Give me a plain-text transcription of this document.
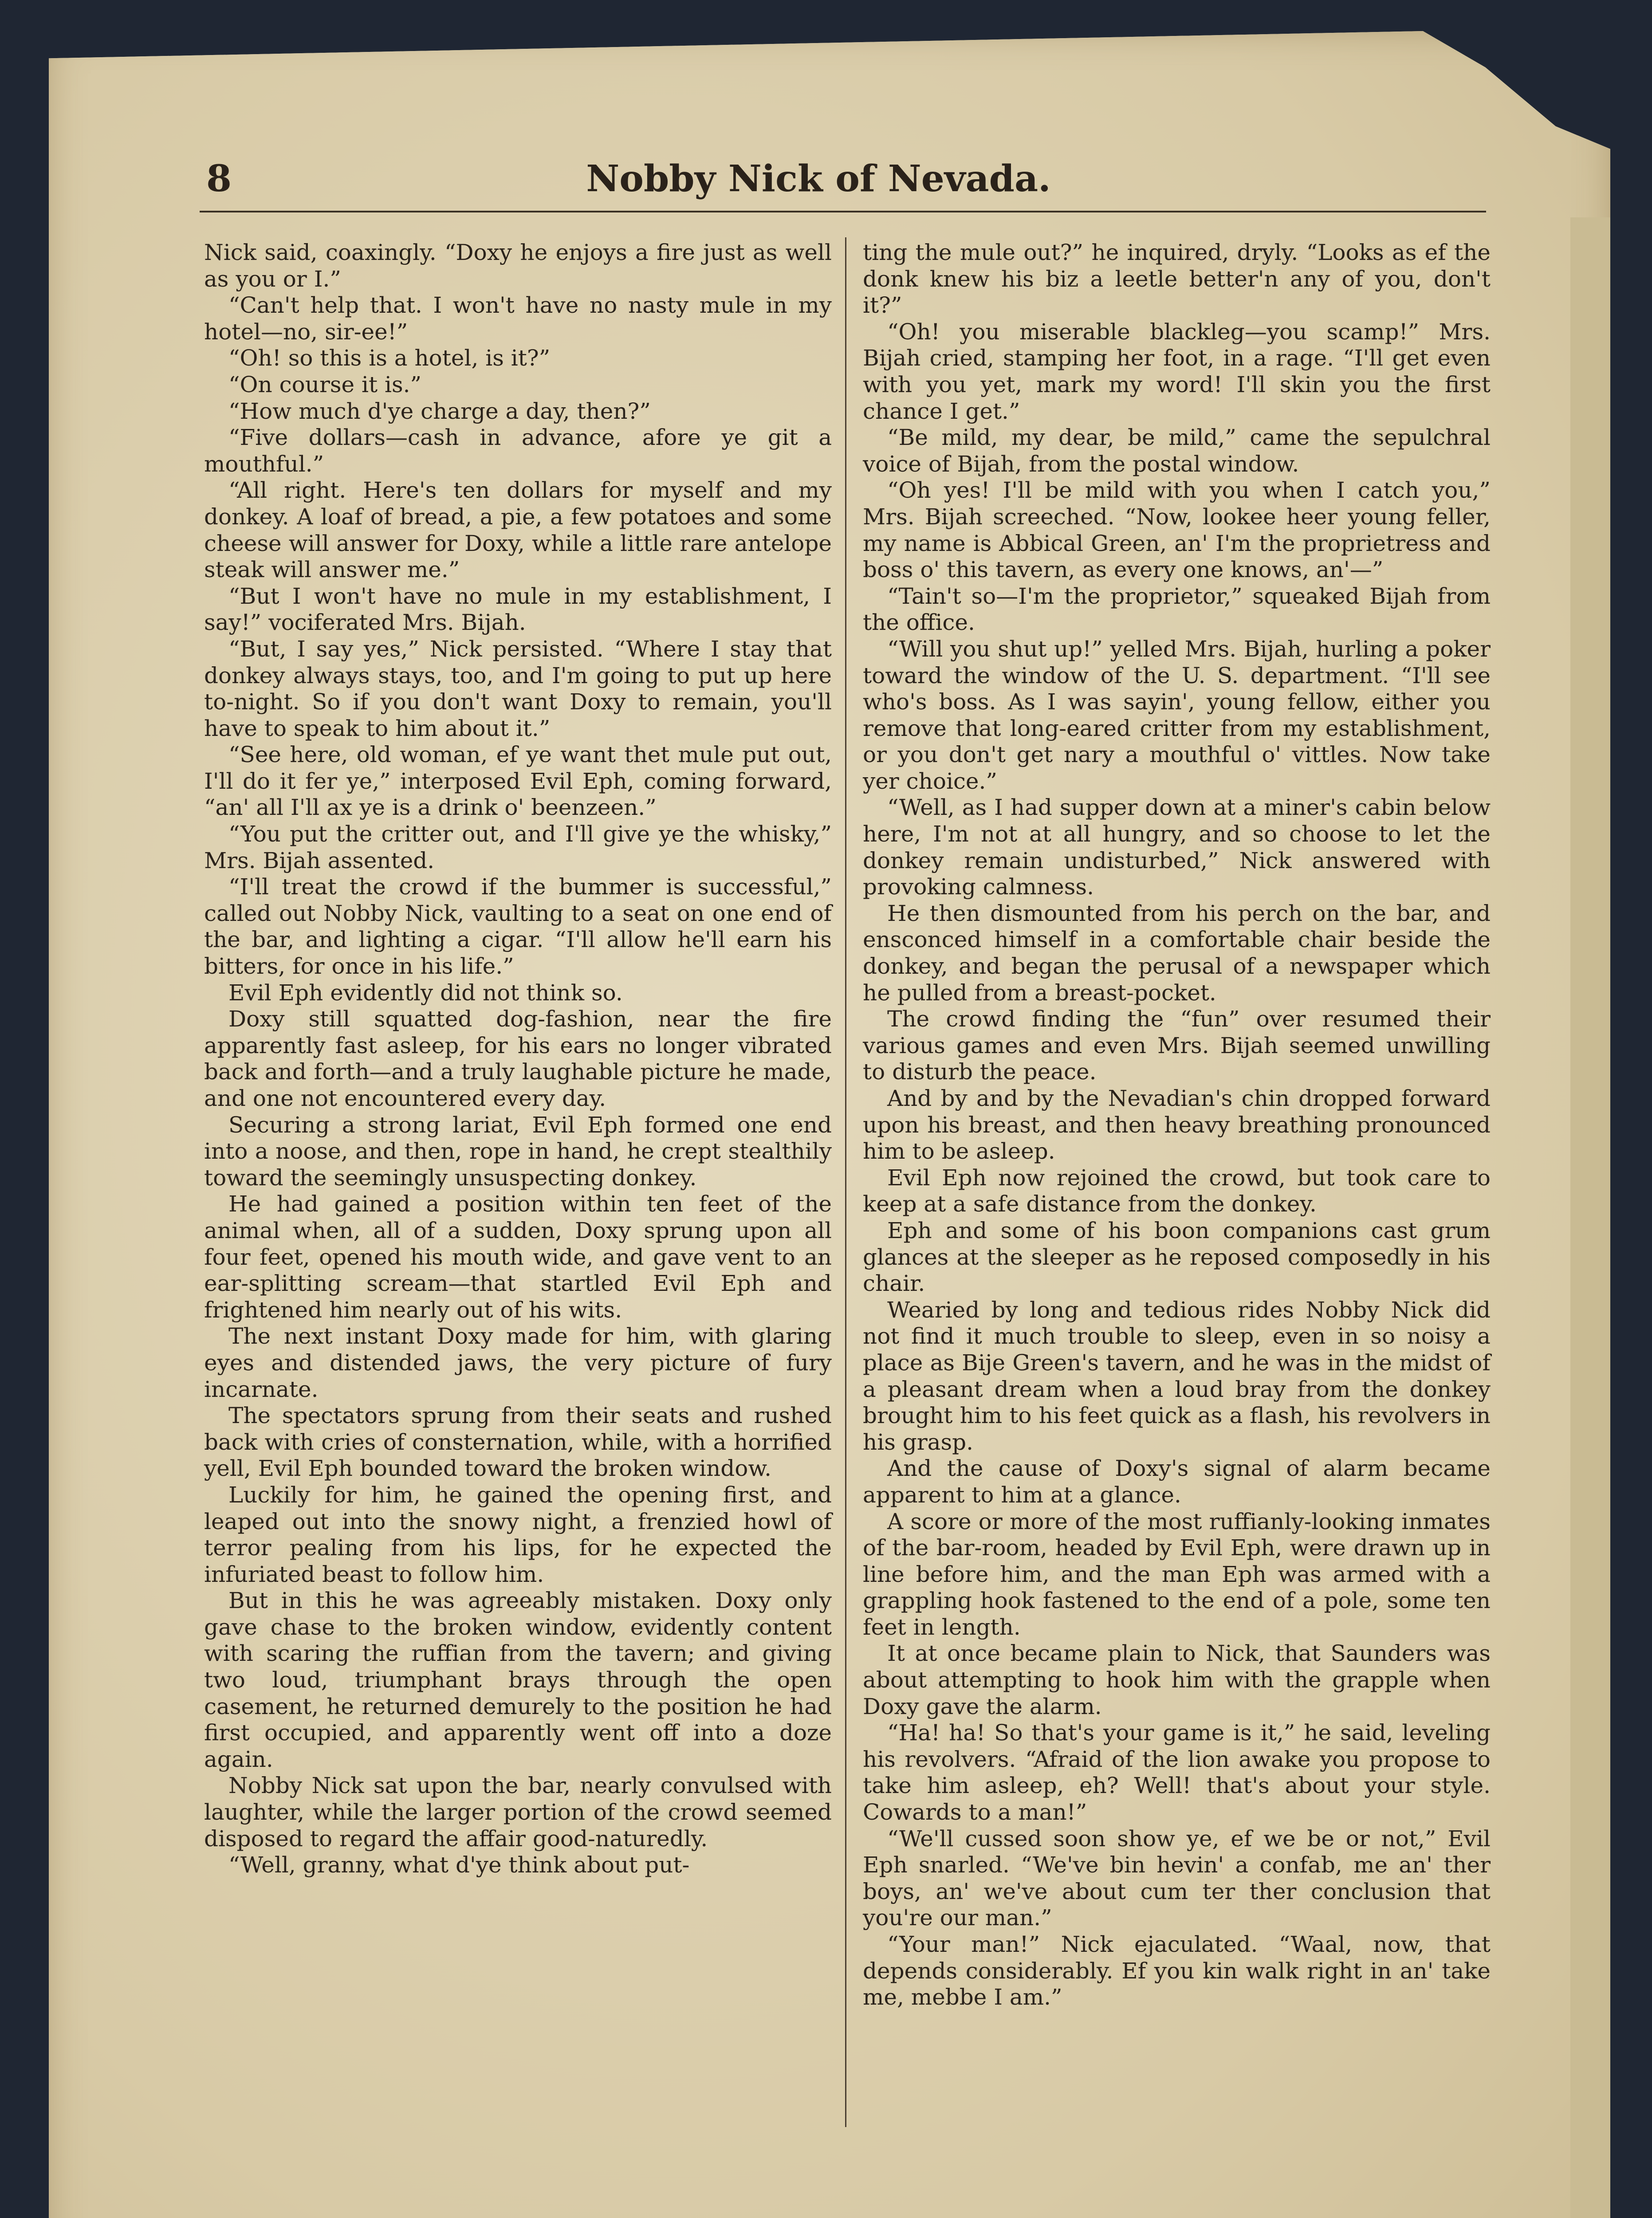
8	Nobby Nick of Nevada.

Nick said, coaxingly. “Doxy he enjoys a fire just as well as you or I.”

“Can't help that. I won't have no nasty mule in my hotel—no, sir-ee!”

“Oh! so this is a hotel, is it?”

“On course it is.”

“How much d'ye charge a day, then?”

“Five dollars—cash in advance, afore ye git a mouthful.”

“All right. Here's ten dollars for myself and my donkey. A loaf of bread, a pie, a few potatoes and some cheese will answer for Doxy, while a little rare antelope steak will answer me.”

“But I won't have no mule in my establishment, I say!” vociferated Mrs. Bijah.

“But, I say yes,” Nick persisted. “Where I stay that donkey always stays, too, and I'm going to put up here to-night. So if you don't want Doxy to remain, you'll have to speak to him about it.”

“See here, old woman, ef ye want thet mule put out, I'll do it fer ye,” interposed Evil Eph, coming forward, “an' all I'll ax ye is a drink o' beenzeen.”

“You put the critter out, and I'll give ye the whisky,” Mrs. Bijah assented.

“I'll treat the crowd if the bummer is successful,” called out Nobby Nick, vaulting to a seat on one end of the bar, and lighting a cigar. “I'll allow he'll earn his bitters, for once in his life.”

Evil Eph evidently did not think so.

Doxy still squatted dog-fashion, near the fire apparently fast asleep, for his ears no longer vibrated back and forth—and a truly laughable picture he made, and one not encountered every day.

Securing a strong lariat, Evil Eph formed one end into a noose, and then, rope in hand, he crept stealthily toward the seemingly unsuspecting donkey.

He had gained a position within ten feet of the animal when, all of a sudden, Doxy sprung upon all four feet, opened his mouth wide, and gave vent to an ear-splitting scream—that startled Evil Eph and frightened him nearly out of his wits.

The next instant Doxy made for him, with glaring eyes and distended jaws, the very picture of fury incarnate.

The spectators sprung from their seats and rushed back with cries of consternation, while, with a horrified yell, Evil Eph bounded toward the broken window.

Luckily for him, he gained the opening first, and leaped out into the snowy night, a frenzied howl of terror pealing from his lips, for he expected the infuriated beast to follow him.

But in this he was agreeably mistaken. Doxy only gave chase to the broken window, evidently content with scaring the ruffian from the tavern; and giving two loud, triumphant brays through the open casement, he returned demurely to the position he had first occupied, and apparently went off into a doze again.

Nobby Nick sat upon the bar, nearly convulsed with laughter, while the larger portion of the crowd seemed disposed to regard the affair good-naturedly.

“Well, granny, what d'ye think about put-

ting the mule out?” he inquired, dryly. “Looks as ef the donk knew his biz a leetle better'n any of you, don't it?”

“Oh! you miserable blackleg—you scamp!” Mrs. Bijah cried, stamping her foot, in a rage. “I'll get even with you yet, mark my word! I'll skin you the first chance I get.”

“Be mild, my dear, be mild,” came the sepulchral voice of Bijah, from the postal window.

“Oh yes! I'll be mild with you when I catch you,” Mrs. Bijah screeched. “Now, lookee heer young feller, my name is Abbical Green, an' I'm the proprietress and boss o' this tavern, as every one knows, an'—”

“Tain't so—I'm the proprietor,” squeaked Bijah from the office.

“Will you shut up!” yelled Mrs. Bijah, hurling a poker toward the window of the U. S. department. “I'll see who's boss. As I was sayin', young fellow, either you remove that long-eared critter from my establishment, or you don't get nary a mouthful o' vittles. Now take yer choice.”

“Well, as I had supper down at a miner's cabin below here, I'm not at all hungry, and so choose to let the donkey remain undisturbed,” Nick answered with provoking calmness.

He then dismounted from his perch on the bar, and ensconced himself in a comfortable chair beside the donkey, and began the perusal of a newspaper which he pulled from a breast-pocket.

The crowd finding the “fun” over resumed their various games and even Mrs. Bijah seemed unwilling to disturb the peace.

And by and by the Nevadian's chin dropped forward upon his breast, and then heavy breathing pronounced him to be asleep.

Evil Eph now rejoined the crowd, but took care to keep at a safe distance from the donkey.

Eph and some of his boon companions cast grum glances at the sleeper as he reposed composedly in his chair.

Wearied by long and tedious rides Nobby Nick did not find it much trouble to sleep, even in so noisy a place as Bije Green's tavern, and he was in the midst of a pleasant dream when a loud bray from the donkey brought him to his feet quick as a flash, his revolvers in his grasp.

And the cause of Doxy's signal of alarm became apparent to him at a glance.

A score or more of the most ruffianly-looking inmates of the bar-room, headed by Evil Eph, were drawn up in line before him, and the man Eph was armed with a grappling hook fastened to the end of a pole, some ten feet in length.

It at once became plain to Nick, that Saunders was about attempting to hook him with the grapple when Doxy gave the alarm.

“Ha! ha! So that's your game is it,” he said, leveling his revolvers. “Afraid of the lion awake you propose to take him asleep, eh? Well! that's about your style. Cowards to a man!”

“We'll cussed soon show ye, ef we be or not,” Evil Eph snarled. “We've bin hevin' a confab, me an' ther boys, an' we've about cum ter ther conclusion that you're our man.”

“Your man!” Nick ejaculated. “Waal, now, that depends considerably. Ef you kin walk right in an' take me, mebbe I am.”
